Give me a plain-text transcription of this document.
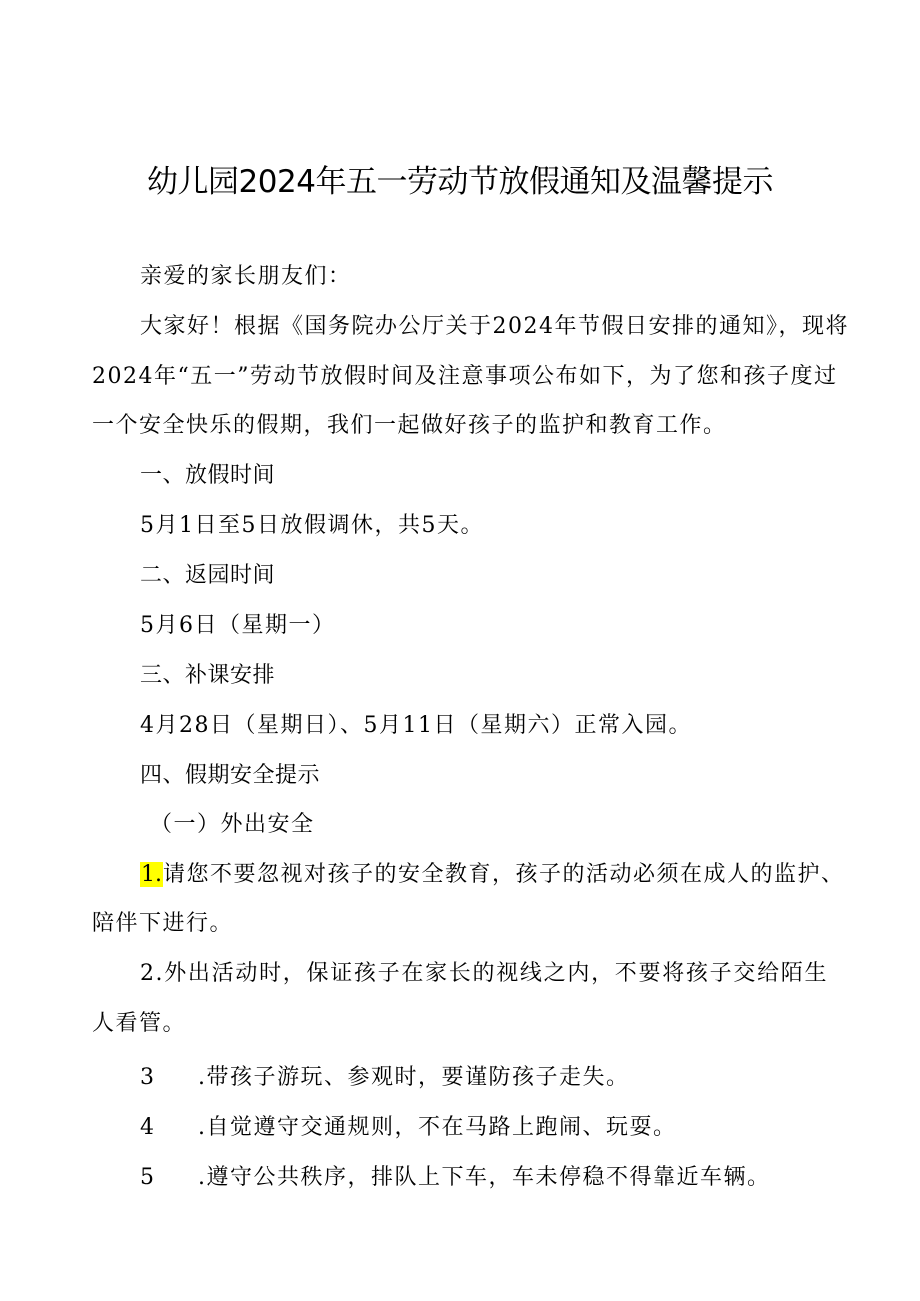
幼儿园2024年五一劳动节放假通知及温馨提示
亲爱的家长朋友们：
大家好！根据《国务院办公厅关于2024年节假日安排的通知》，现将
2024年“五一”劳动节放假时间及注意事项公布如下，为了您和孩子度过
一个安全快乐的假期，我们一起做好孩子的监护和教育工作。
一、放假时间
5月1日至5日放假调休，共5天。
二、返园时间
5月6日（星期一）
三、补课安排
4月28日（星期日）、5月11日（星期六）正常入园。
四、假期安全提示
（一）外出安全
1.请您不要忽视对孩子的安全教育，孩子的活动必须在成人的监护、
陪伴下进行。
2.外出活动时，保证孩子在家长的视线之内，不要将孩子交给陌生
人看管。
3 .带孩子游玩、参观时，要谨防孩子走失。
4 .自觉遵守交通规则，不在马路上跑闹、玩耍。
5 .遵守公共秩序，排队上下车，车未停稳不得靠近车辆。
